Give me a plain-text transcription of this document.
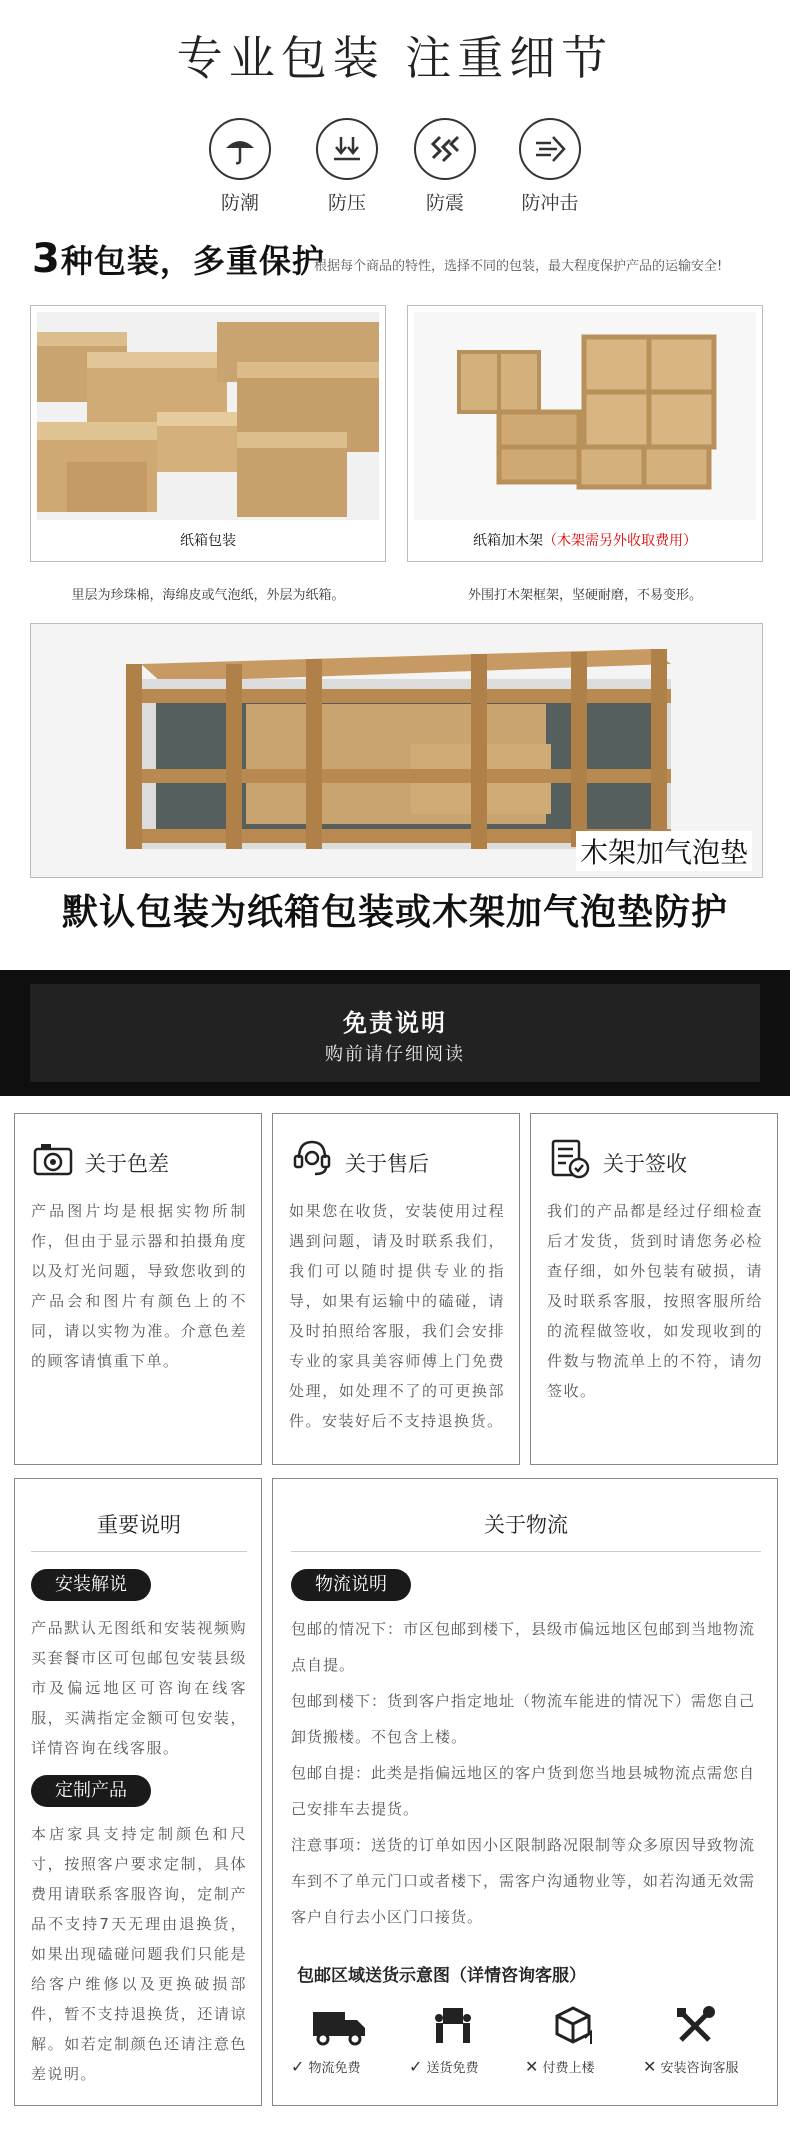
专业包装 注重细节
防潮	防压	防震	防冲击
3种包装，多重保护
根据每个商品的特性，选择不同的包装，最大程度保护产品的运输安全!
纸箱包装
里层为珍珠棉，海绵皮或气泡纸，外层为纸箱。
纸箱加木架（木架需另外收取费用）
外围打木架框架，坚硬耐磨，不易变形。
木架加气泡垫
默认包装为纸箱包装或木架加气泡垫防护
免责说明
购前请仔细阅读
关于色差
产品图片均是根据实物所制作，但由于显示器和拍摄角度以及灯光问题，导致您收到的产品会和图片有颜色上的不同，请以实物为准。介意色差的顾客请慎重下单。
关于售后
如果您在收货，安装使用过程遇到问题，请及时联系我们，我们可以随时提供专业的指导，如果有运输中的磕碰，请及时拍照给客服，我们会安排专业的家具美容师傅上门免费处理，如处理不了的可更换部件。安装好后不支持退换货。
关于签收
我们的产品都是经过仔细检查后才发货，货到时请您务必检查仔细，如外包装有破损，请及时联系客服，按照客服所给的流程做签收，如发现收到的件数与物流单上的不符，请勿签收。
重要说明
安装解说
产品默认无图纸和安装视频购买套餐市区可包邮包安装县级市及偏远地区可咨询在线客服，买满指定金额可包安装，详情咨询在线客服。
定制产品
本店家具支持定制颜色和尺寸，按照客户要求定制，具体费用请联系客服咨询，定制产品不支持7天无理由退换货，如果出现磕碰问题我们只能是给客户维修以及更换破损部件，暂不支持退换货，还请谅解。如若定制颜色还请注意色差说明。
关于物流
物流说明
包邮的情况下：市区包邮到楼下，县级市偏远地区包邮到当地物流点自提。
包邮到楼下：货到客户指定地址（物流车能进的情况下）需您自己卸货搬楼。不包含上楼。
包邮自提：此类是指偏远地区的客户货到您当地县城物流点需您自己安排车去提货。
注意事项：送货的订单如因小区限制路况限制等众多原因导致物流车到不了单元门口或者楼下，需客户沟通物业等，如若沟通无效需客户自行去小区门口接货。
包邮区域送货示意图（详情咨询客服）
✓ 物流免费	✓ 送货免费	✕ 付费上楼	✕ 安装咨询客服
